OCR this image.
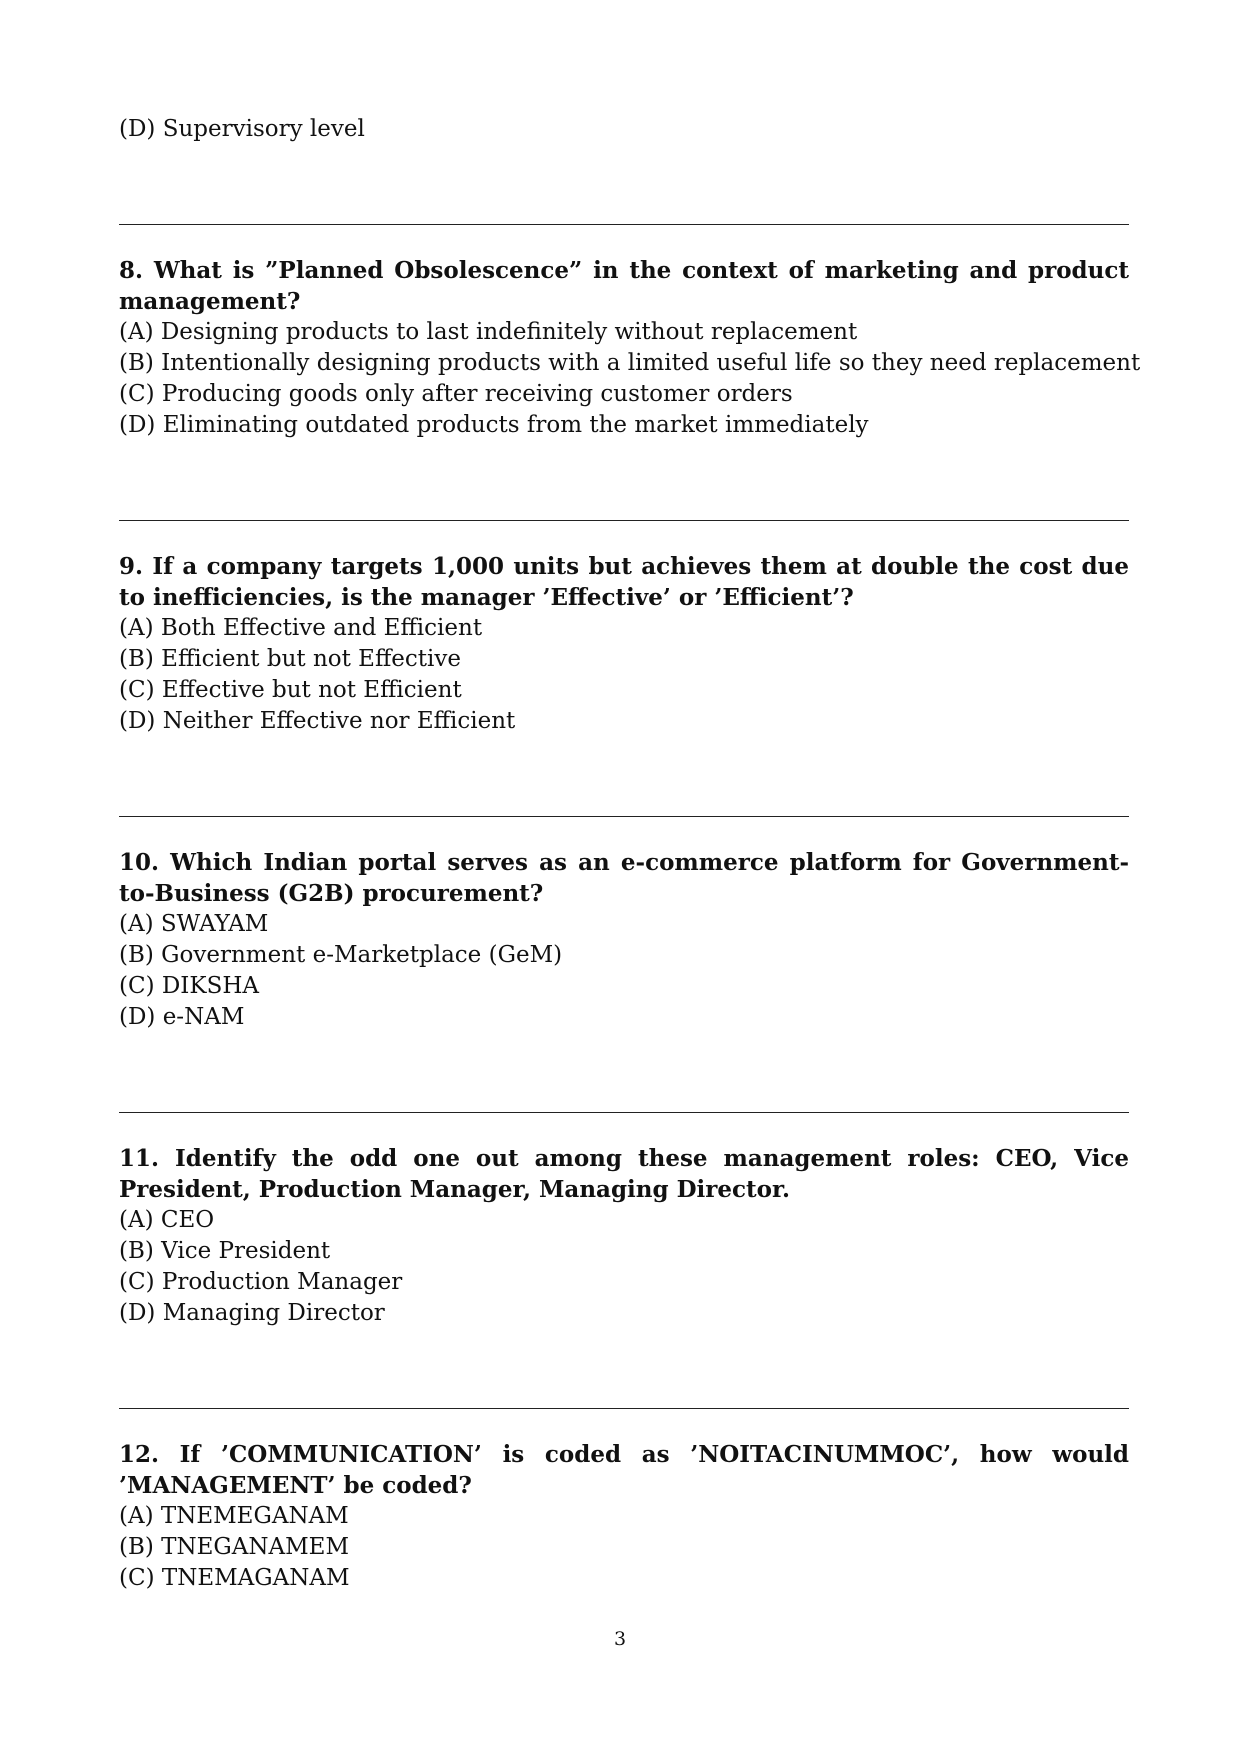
(D) Supervisory level
8. What is ”Planned Obsolescence” in the context of marketing and product management?
(A) Designing products to last indefinitely without replacement
(B) Intentionally designing products with a limited useful life so they need replacement
(C) Producing goods only after receiving customer orders
(D) Eliminating outdated products from the market immediately
9. If a company targets 1,000 units but achieves them at double the cost due to inefficiencies, is the manager ’Effective’ or ’Efficient’?
(A) Both Effective and Efficient
(B) Efficient but not Effective
(C) Effective but not Efficient
(D) Neither Effective nor Efficient
10. Which Indian portal serves as an e-commerce platform for Government-to-Business (G2B) procurement?
(A) SWAYAM
(B) Government e-Marketplace (GeM)
(C) DIKSHA
(D) e-NAM
11. Identify the odd one out among these management roles: CEO, Vice President, Production Manager, Managing Director.
(A) CEO
(B) Vice President
(C) Production Manager
(D) Managing Director
12. If ’COMMUNICATION’ is coded as ’NOITACINUMMOC’, how would ’MANAGEMENT’ be coded?
(A) TNEMEGANAM
(B) TNEGANAMEM
(C) TNEMAGANAM
3
